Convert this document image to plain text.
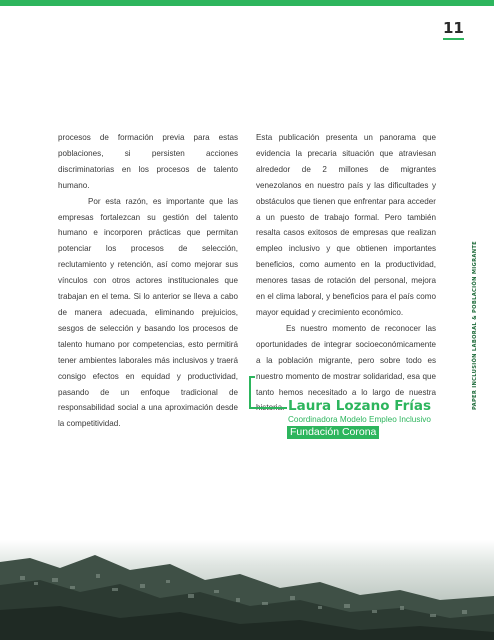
11

procesos de formación previa para estas poblaciones, si persisten acciones discriminatorias en los procesos de talento humano.

Por esta razón, es importante que las empresas fortalezcan su gestión del talento humano e incorporen prácticas que permitan potenciar los procesos de selección, reclutamiento y retención, así como mejorar sus vínculos con otros actores institucionales que trabajan en el tema. Si lo anterior se lleva a cabo de manera adecuada, eliminando prejuicios, sesgos de selección y basando los procesos de talento humano por competencias, esto permitirá tener ambientes laborales más inclusivos y traerá consigo efectos en equidad y productividad, pasando de un enfoque tradicional de responsabilidad social a una aproximación desde la competitividad.

Esta publicación presenta un panorama que evidencia la precaria situación que atraviesan alrededor de 2 millones de migrantes venezolanos en nuestro país y las dificultades y obstáculos que tienen que enfrentar para acceder a un puesto de trabajo formal. Pero también resalta casos exitosos de empresas que realizan empleo inclusivo y que obtienen importantes beneficios, como aumento en la productividad, menores tasas de rotación del personal, mejora en el clima laboral, y beneficios para el país como mayor equidad y crecimiento económico.

Es nuestro momento de reconocer las oportunidades de integrar socioeconómicamente a la población migrante, pero sobre todo es nuestro momento de mostrar solidaridad, esa que tanto hemos necesitado a lo largo de nuestra	PAPER INCLUSIÓN LABORAL & POBLACIÓN MIGRANTE
Laura Lozano Frías
Coordinadora Modelo Empleo Inclusivo
Fundación Corona
